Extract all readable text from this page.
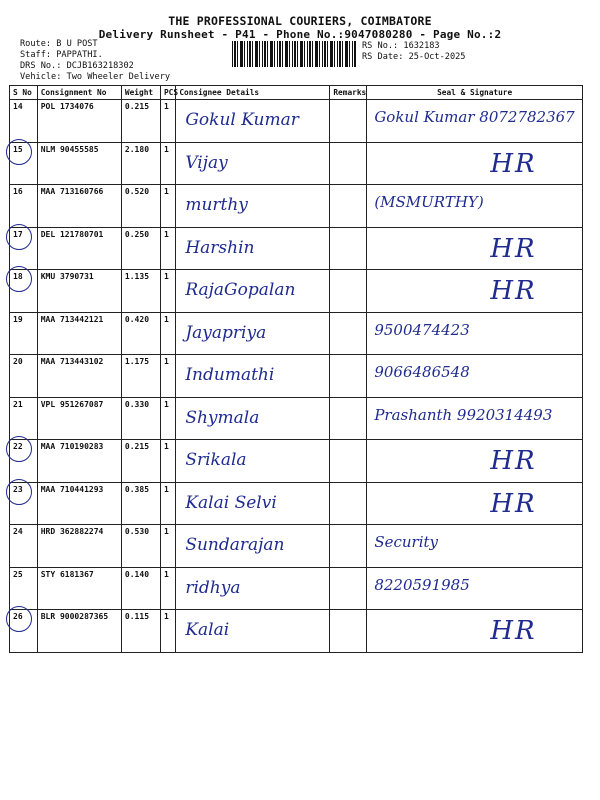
THE PROFESSIONAL COURIERS, COIMBATORE
Delivery Runsheet - P41 - Phone No.:9047080280 - Page No.:2
Route: B U POST
Staff: PAPPATHI.
DRS No.: DCJB163218302
Vehicle: Two Wheeler Delivery
RS No.: 1632183
RS Date: 25-Oct-2025
S No	Consignment No	Weight	PCS	Consignee Details	Remarks	Seal & Signature
14	POL 1734076	0.215	1	Gokul Kumar		Gokul Kumar 8072782367

15	NLM 90455585	2.180	1	Vijay		HR

16	MAA 713160766	0.520	1	murthy		(MSMURTHY)

17	DEL 121780701	0.250	1	Harshin		HR

18	KMU 3790731	1.135	1	RajaGopalan		HR

19	MAA 713442121	0.420	1	Jayapriya		9500474423

20	MAA 713443102	1.175	1	Indumathi		9066486548

21	VPL 951267087	0.330	1	Shymala		Prashanth 9920314493

22	MAA 710190283	0.215	1	Srikala		HR

23	MAA 710441293	0.385	1	Kalai Selvi		HR

24	HRD 362882274	0.530	1	Sundarajan		Security

25	STY 6181367	0.140	1	ridhya		8220591985

26	BLR 9000287365	0.115	1	Kalai		HR
